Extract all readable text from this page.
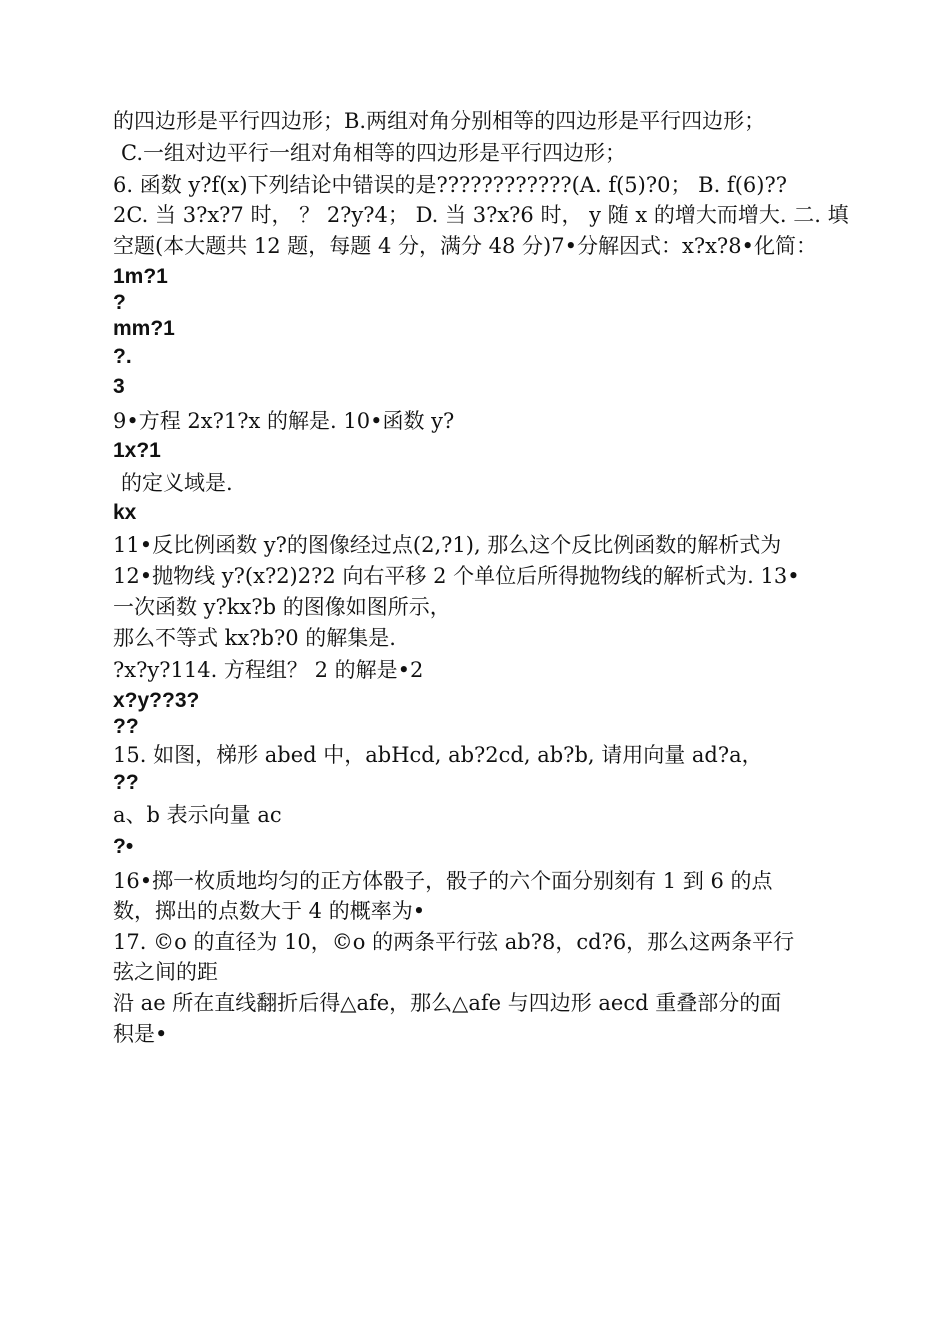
的四边形是平行四边形；B.两组对角分别相等的四边形是平行四边形；
C.一组对边平行一组对角相等的四边形是平行四边形；
6. 函数 y?f(x)下列结论中错误的是????????????(A. f(5)?0； B. f(6)??
2C. 当 3?x?7 时， ？ 2?y?4； D. 当 3?x?6 时， y 随 x 的增大而增大. 二. 填
空题(本大题共 12 题，每题 4 分，满分 48 分)7•分解因式：x?x?8•化简：
1m?1
?
mm?1
?.
3
9•方程 2x?1?x 的解是. 10•函数 y?
1x?1
的定义域是.
kx
11•反比例函数 y?的图像经过点(2,?1), 那么这个反比例函数的解析式为
12•抛物线 y?(x?2)2?2 向右平移 2 个单位后所得抛物线的解析式为. 13•
一次函数 y?kx?b 的图像如图所示，
那么不等式 kx?b?0 的解集是.
?x?y?114. 方程组？ 2 的解是•2
x?y??3?
??
15. 如图，梯形 abed 中，abHcd, ab?2cd, ab?b, 请用向量 ad?a，
??
a、b 表示向量 ac
?•
16•掷一枚质地均匀的正方体骰子，骰子的六个面分别刻有 1 到 6 的点
数，掷出的点数大于 4 的概率为•
17. ©o 的直径为 10，©o 的两条平行弦 ab?8，cd?6，那么这两条平行
弦之间的距
沿 ae 所在直线翻折后得△afe，那么△afe 与四边形 aecd 重叠部分的面
积是•
